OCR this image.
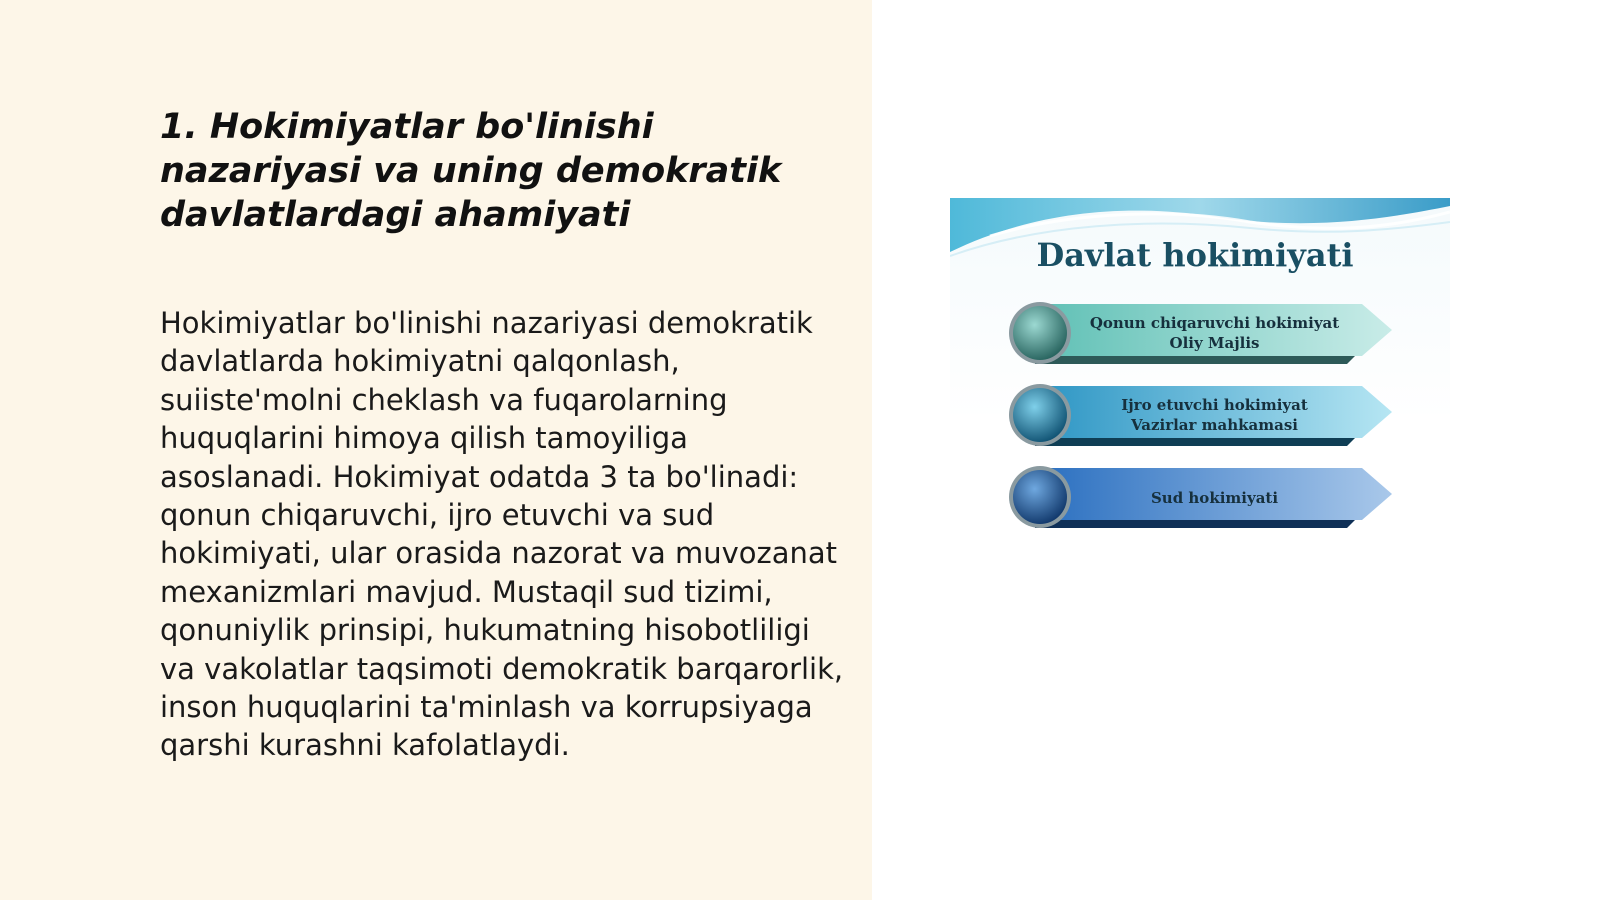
1. Hokimiyatlar bo'linishi nazariyasi va uning demokratik davlatlardagi ahamiyati

Hokimiyatlar bo'linishi nazariyasi demokratik davlatlarda hokimiyatni qalqonlash, suiiste'molni cheklash va fuqarolarning huquqlarini himoya qilish tamoyiliga asoslanadi. Hokimiyat odatda 3 ta bo'linadi: qonun chiqaruvchi, ijro etuvchi va sud hokimiyati, ular orasida nazorat va muvozanat mexanizmlari mavjud. Mustaqil sud tizimi, qonuniylik prinsipi, hukumatning hisobotliligi va vakolatlar taqsimoti demokratik barqarorlik, inson huquqlarini ta'minlash va korrupsiyaga qarshi kurashni kafolatlaydi.

Davlat hokimiyati
Qonun chiqaruvchi hokimiyat
Oliy Majlis
Ijro etuvchi hokimiyat
Vazirlar mahkamasi
Sud hokimiyati
